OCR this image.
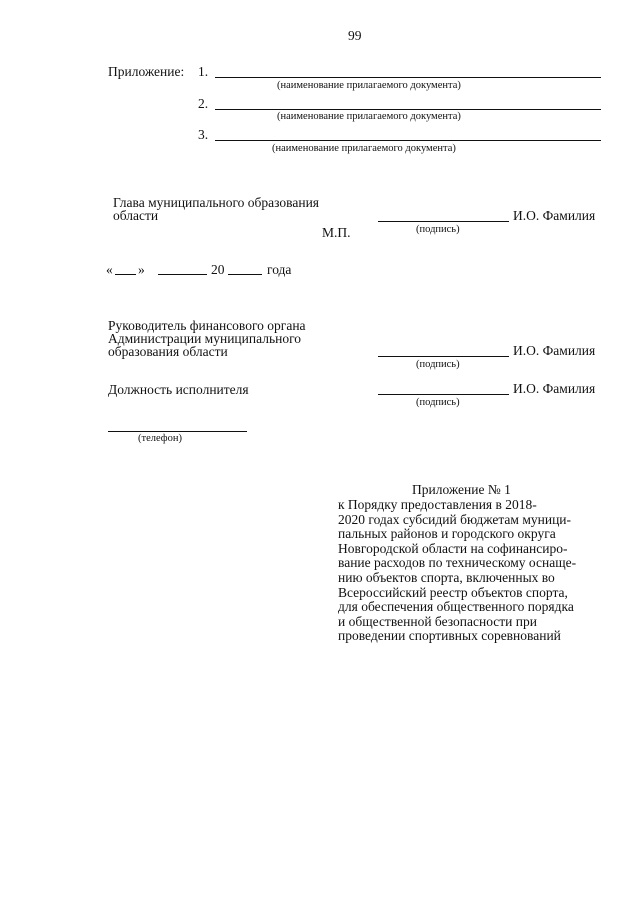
99
Приложение: 1.
(наименование прилагаемого документа)
2.
(наименование прилагаемого документа)
3.
(наименование прилагаемого документа)
Глава муниципального образования
области	И.О. Фамилия
М.П.	(подпись)
« »	20	года
Руководитель финансового органа
Администрации муниципального
образования области	И.О. Фамилия
(подпись)
Должность исполнителя	И.О. Фамилия
(подпись)
(телефон)
Приложение № 1
к Порядку предоставления в 2018-
2020 годах субсидий бюджетам муници-
пальных районов и городского округа
Новгородской области на софинансиро-
вание расходов по техническому оснаще-
нию объектов спорта, включенных во
Всероссийский реестр объектов спорта,
для обеспечения общественного порядка
и общественной безопасности при
проведении спортивных соревнований
